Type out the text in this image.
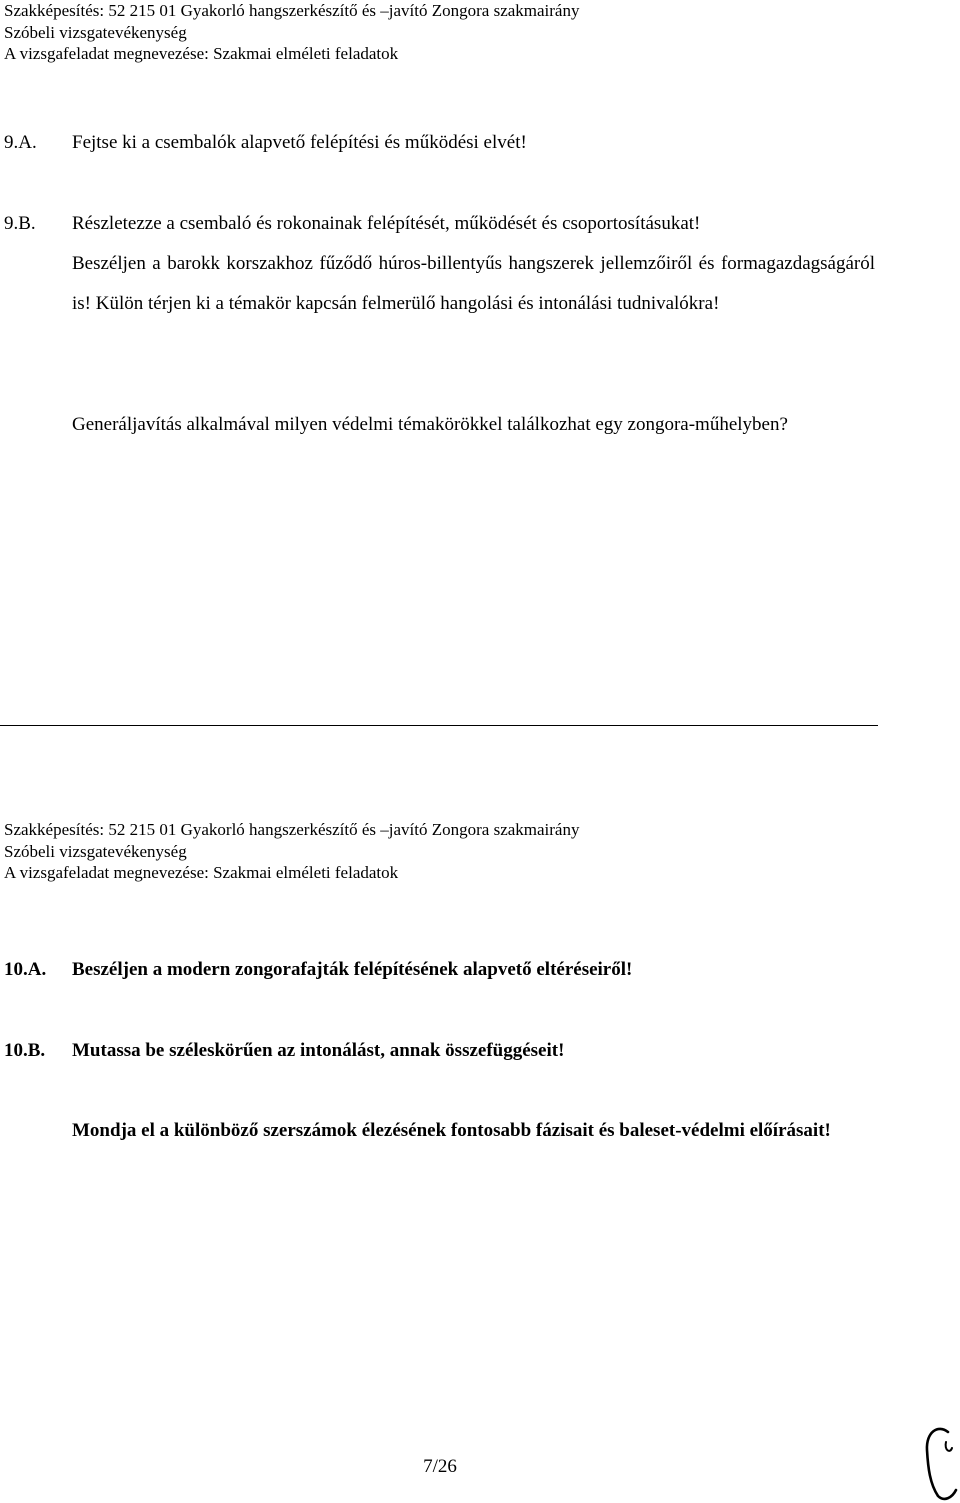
Szakképesítés: 52 215 01 Gyakorló hangszerkészítő és –javító Zongora szakmairány
Szóbeli vizsgatevékenység
A vizsgafeladat megnevezése: Szakmai elméleti feladatok
9.A. Fejtse ki a csembalók alapvető felépítési és működési elvét!
9.B. Részletezze a csembaló és rokonainak felépítését, működését és csoportosításukat!
Beszéljen a barokk korszakhoz fűződő húros-billentyűs hangszerek jellemzőiről és formagazdagságáról is! Külön térjen ki a témakör kapcsán felmerülő hangolási és intonálási tudnivalókra!
Generáljavítás alkalmával milyen védelmi témakörökkel találkozhat egy zongora-műhelyben?
Szakképesítés: 52 215 01 Gyakorló hangszerkészítő és –javító Zongora szakmairány
Szóbeli vizsgatevékenység
A vizsgafeladat megnevezése: Szakmai elméleti feladatok
10.A. Beszéljen a modern zongorafajták felépítésének alapvető eltéréseiről!
10.B. Mutassa be széleskörűen az intonálást, annak összefüggéseit!
Mondja el a különböző szerszámok élezésének fontosabb fázisait és baleset-védelmi előírásait!
7/26
